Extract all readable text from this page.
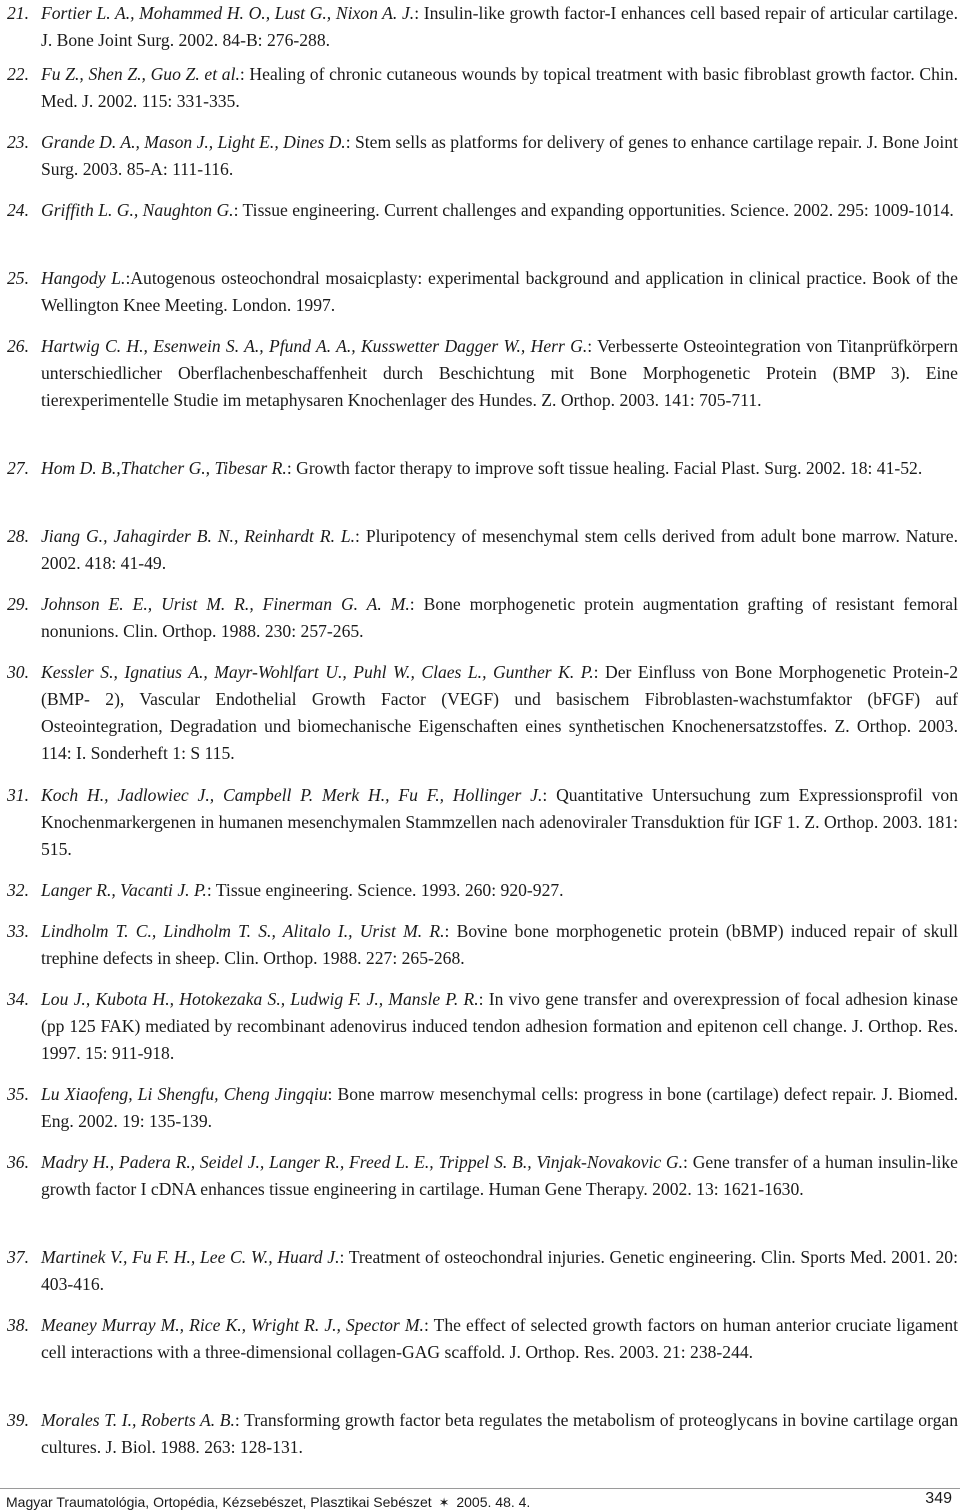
21. Fortier L. A., Mohammed H. O., Lust G., Nixon A. J.: Insulin-like growth factor-I enhances cell based repair of articular cartilage. J. Bone Joint Surg. 2002. 84-B: 276-288.
22. Fu Z., Shen Z., Guo Z. et al.: Healing of chronic cutaneous wounds by topical treatment with basic fibroblast growth factor. Chin. Med. J. 2002. 115: 331-335.
23. Grande D. A., Mason J., Light E., Dines D.: Stem sells as platforms for delivery of genes to enhance cartilage repair. J. Bone Joint Surg. 2003. 85-A: 111-116.
24. Griffith L. G., Naughton G.: Tissue engineering. Current challenges and expanding opportunities. Science. 2002. 295: 1009-1014.
25. Hangody L.:Autogenous osteochondral mosaicplasty: experimental background and application in clinical practice. Book of the Wellington Knee Meeting. London. 1997.
26. Hartwig C. H., Esenwein S. A., Pfund A. A., Kusswetter Dagger W., Herr G.: Verbesserte Osteointegration von Titanprüfkörpern unterschiedlicher Oberflachenbeschaffenheit durch Beschichtung mit Bone Morphogenetic Protein (BMP 3). Eine tierexperimentelle Studie im metaphysaren Knochenlager des Hundes. Z. Orthop. 2003. 141: 705-711.
27. Hom D. B.,Thatcher G., Tibesar R.: Growth factor therapy to improve soft tissue healing. Facial Plast. Surg. 2002. 18: 41-52.
28. Jiang G., Jahagirder B. N., Reinhardt R. L.: Pluripotency of mesenchymal stem cells derived from adult bone marrow. Nature. 2002. 418: 41-49.
29. Johnson E. E., Urist M. R., Finerman G. A. M.: Bone morphogenetic protein augmentation grafting of resistant femoral nonunions. Clin. Orthop. 1988. 230: 257-265.
30. Kessler S., Ignatius A., Mayr-Wohlfart U., Puhl W., Claes L., Gunther K. P.: Der Einfluss von Bone Morphogenetic Protein-2 (BMP- 2), Vascular Endothelial Growth Factor (VEGF) und basischem Fibroblasten-wachstumfaktor (bFGF) auf Osteointegration, Degradation und biomechanische Eigenschaften eines synthetischen Knochenersatzstoffes. Z. Orthop. 2003. 114: I. Sonderheft 1: S 115.
31. Koch H., Jadlowiec J., Campbell P. Merk H., Fu F., Hollinger J.: Quantitative Untersuchung zum Expressionsprofil von Knochenmarkergenen in humanen mesenchymalen Stammzellen nach adenoviraler Transduktion für IGF 1. Z. Orthop. 2003. 181: 515.
32. Langer R., Vacanti J. P.: Tissue engineering. Science. 1993. 260: 920-927.
33. Lindholm T. C., Lindholm T. S., Alitalo I., Urist M. R.: Bovine bone morphogenetic protein (bBMP) induced repair of skull trephine defects in sheep. Clin. Orthop. 1988. 227: 265-268.
34. Lou J., Kubota H., Hotokezaka S., Ludwig F. J., Mansle P. R.: In vivo gene transfer and overexpression of focal adhesion kinase (pp 125 FAK) mediated by recombinant adenovirus induced tendon adhesion formation and epitenon cell change. J. Orthop. Res. 1997. 15: 911-918.
35. Lu Xiaofeng, Li Shengfu, Cheng Jingqiu: Bone marrow mesenchymal cells: progress in bone (cartilage) defect repair. J. Biomed. Eng. 2002. 19: 135-139.
36. Madry H., Padera R., Seidel J., Langer R., Freed L. E., Trippel S. B., Vinjak-Novakovic G.: Gene transfer of a human insulin-like growth factor I cDNA enhances tissue engineering in cartilage. Human Gene Therapy. 2002. 13: 1621-1630.
37. Martinek V., Fu F. H., Lee C. W., Huard J.: Treatment of osteochondral injuries. Genetic engineering. Clin. Sports Med. 2001. 20: 403-416.
38. Meaney Murray M., Rice K., Wright R. J., Spector M.: The effect of selected growth factors on human anterior cruciate ligament cell interactions with a three-dimensional collagen-GAG scaffold. J. Orthop. Res. 2003. 21: 238-244.
39. Morales T. I., Roberts A. B.: Transforming growth factor beta regulates the metabolism of proteoglycans in bovine cartilage organ cultures. J. Biol. 1988. 263: 128-131.
Magyar Traumatológia, Ortopédia, Kézsebészet, Plasztikai Sebészet ✶ 2005. 48. 4.	349
